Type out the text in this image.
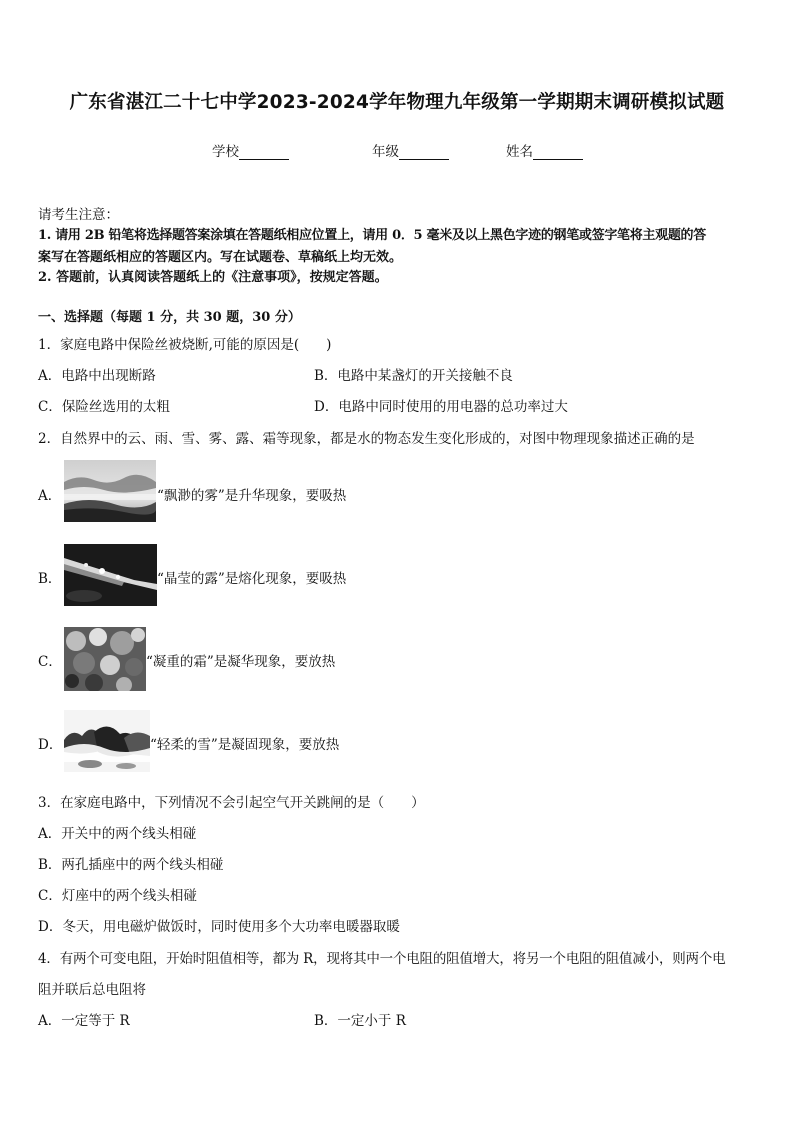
广东省湛江二十七中学2023-2024学年物理九年级第一学期期末调研模拟试题
学校	年级	姓名
请考生注意：
1. 请用 2B 铅笔将选择题答案涂填在答题纸相应位置上，请用 0．5 毫米及以上黑色字迹的钢笔或签字笔将主观题的答
案写在答题纸相应的答题区内。写在试题卷、草稿纸上均无效。
2. 答题前，认真阅读答题纸上的《注意事项》，按规定答题。
一、选择题（每题 1 分，共 30 题，30 分）
1．家庭电路中保险丝被烧断,可能的原因是(　　)
A．电路中出现断路	B．电路中某盏灯的开关接触不良
C．保险丝选用的太粗	D．电路中同时使用的用电器的总功率过大
2．自然界中的云、雨、雪、雾、露、霜等现象，都是水的物态发生变化形成的，对图中物理现象描述正确的是
A．	“飘渺的雾”是升华现象，要吸热
B．	“晶莹的露”是熔化现象，要吸热
C．	“凝重的霜”是凝华现象，要放热
D．	“轻柔的雪”是凝固现象，要放热
3．在家庭电路中，下列情况不会引起空气开关跳闸的是（　　）
A．开关中的两个线头相碰
B．两孔插座中的两个线头相碰
C．灯座中的两个线头相碰
D．冬天，用电磁炉做饭时，同时使用多个大功率电暖器取暖
4．有两个可变电阻，开始时阻值相等，都为 R，现将其中一个电阻的阻值增大，将另一个电阻的阻值减小，则两个电
阻并联后总电阻将
A．一定等于 R	B．一定小于 R
